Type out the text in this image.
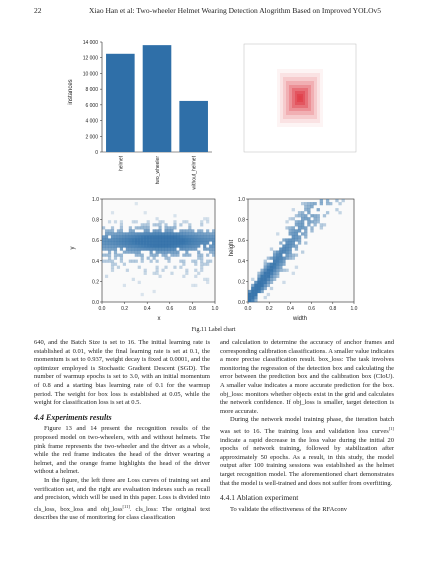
22	Xiao Han et al: Two-wheeler Helmet Wearing Detection Alogrithm Based on Improved YOLOv5
instances
0
2 000
4 000
6 000
8 000
10 000
12 000
14 000
helmet	two_wheeler	without_helmet
y
x
0.0	0.2	0.4	0.6	0.8	1.0
0.0
0.2
0.4
0.6
0.8
1.0
height
width
0.0	0.2	0.4	0.6	0.8	1.0
0.0
0.2
0.4
0.6
0.8
1.0
Fig.11 Label chart

640, and the Batch Size is set to 16. The initial learning rate is established at 0.01, while the final learning rate is set at 0.1, the momentum is set to 0.937, weight decay is fixed at 0.0001, and the optimizer employed is Stochastic Gradient Descent (SGD). The number of warmup epochs is set to 3.0, with an initial momentum of 0.8 and a starting bias learning rate of 0.1 for the warmup period. The weight for box loss is established at 0.05, while the weight for classification loss is set at 0.5.

4.4 Experiments results

Figure 13 and 14 present the recognition results of the proposed model on two-wheelers, with and without helmets. The pink frame represents the two-wheeler and the driver as a whole, while the red frame indicates the head of the driver wearing a helmet, and the orange frame highlights the head of the driver without a helmet.

In the figure, the left three are Loss curves of training set and verification set, and the right are evaluation indexes such as recall and precision, which will be used in this paper. Loss is divided into cls_loss, box_loss and obj_loss[11]. cls_loss: The original text describes the use of monitoring for class classification

and calculation to determine the accuracy of anchor frames and corresponding calibration classifications. A smaller value indicates a more precise classification result. box_loss: The task involves monitoring the regression of the detection box and calculating the error between the prediction box and the calibration box (CIoU). A smaller value indicates a more accurate prediction for the box. obj_loss: monitors whether objects exist in the grid and calculates the network confidence. If obj_loss is smaller, target detection is more accurate.

During the network model training phase, the iteration batch was set to 16. The training loss and validation loss curves[1] indicate a rapid decrease in the loss value during the initial 20 epochs of network training, followed by stabilization after approximately 50 epochs. As a result, in this study, the model output after 100 training sessions was established as the helmet target recognition model. The aforementioned chart demonstrates that the model is well-trained and does not suffer from overfitting.

4.4.1 Ablation experiment

To validate the effectiveness of the RFAconv
